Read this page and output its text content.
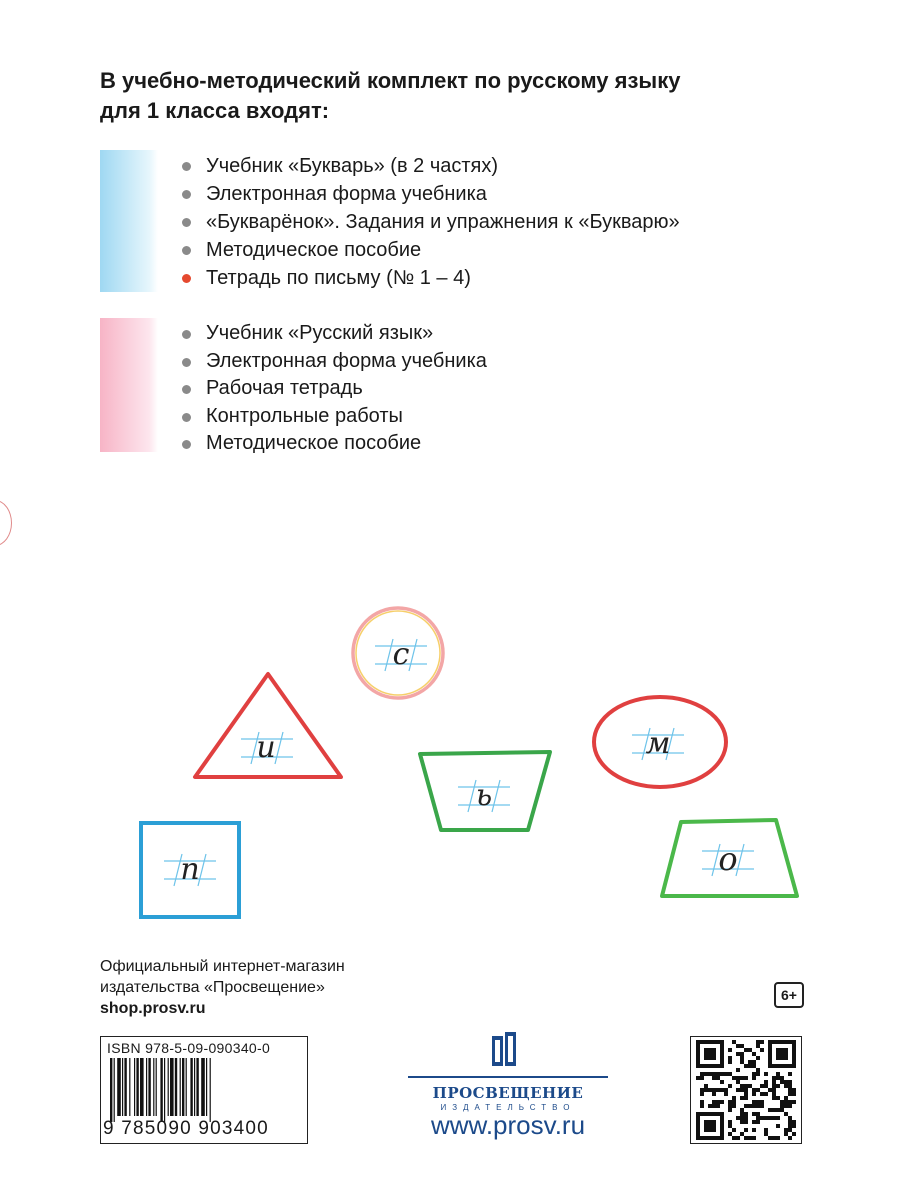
В учебно-методический комплект по русскому языку
для 1 класса входят:
Учебник «Букварь» (в 2 частях)
Электронная форма учебника
«Букварёнок». Задания и упражнения к «Букварю»
Методическое пособие
Тетрадь по письму (№ 1 – 4)
Учебник «Русский язык»
Электронная форма учебника
Рабочая тетрадь
Контрольные работы
Методическое пособие
с
и	м
ь
п	о
Официальный интернет-магазин
издательства «Просвещение»
shop.prosv.ru
6+
ISBN 978-5-09-090340-0
9 785090 903400
ПРОСВЕЩЕНИЕ
ИЗДАТЕЛЬСТВО
www.prosv.ru
